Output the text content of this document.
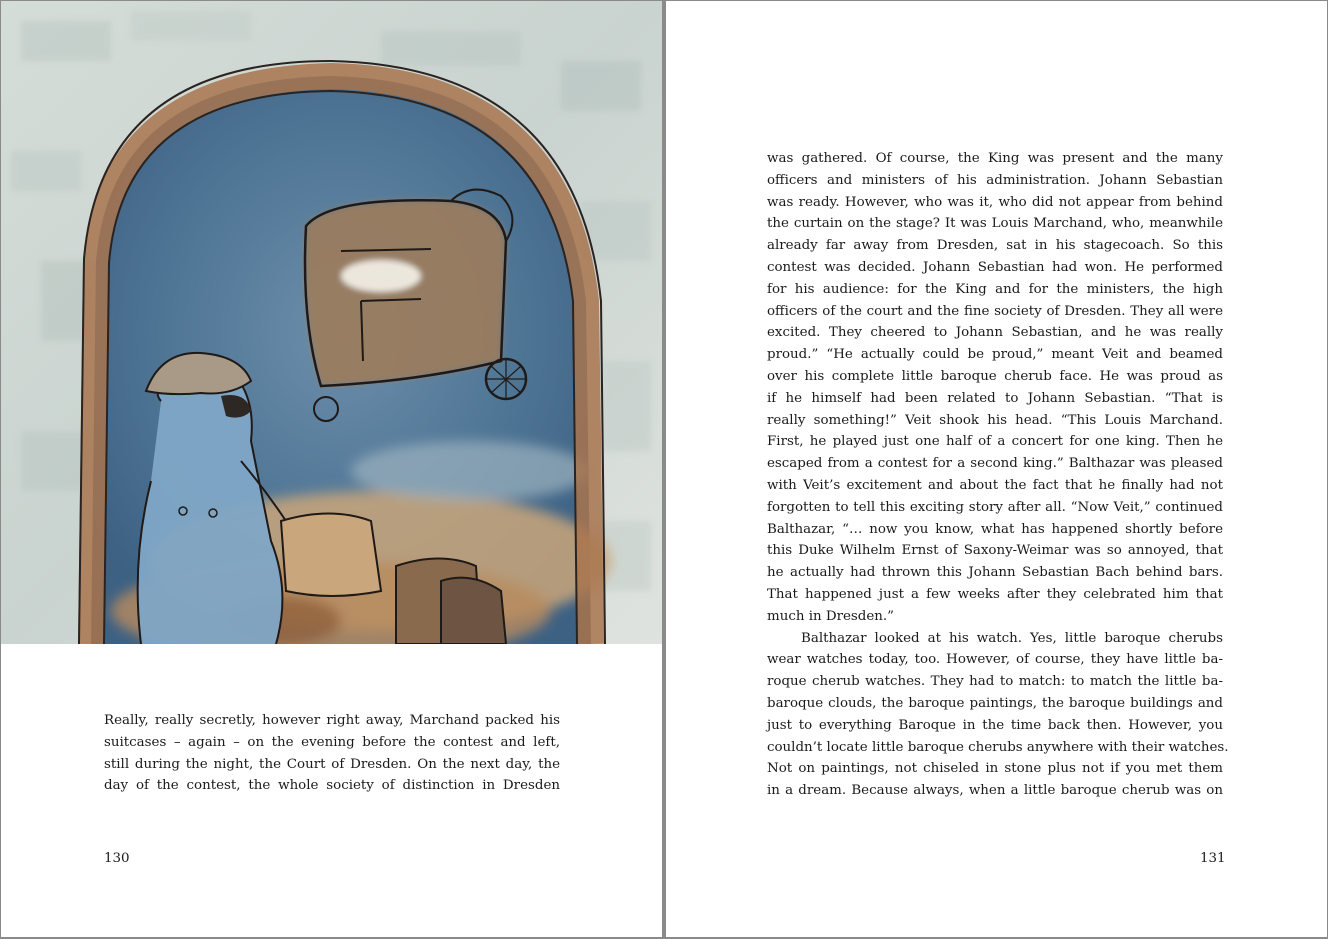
Really, really secretly, however right away, Marchand packed his
suitcases – again – on the evening before the contest and left,
still during the night, the Court of Dresden. On the next day, the
day of the contest, the whole society of distinction in Dresden
130
was gathered. Of course, the King was present and the many
officers and ministers of his administration. Johann Sebastian
was ready. However, who was it, who did not appear from behind
the curtain on the stage? It was Louis Marchand, who, meanwhile
already far away from Dresden, sat in his stagecoach. So this
contest was decided. Johann Sebastian had won. He performed
for his audience: for the King and for the ministers, the high
officers of the court and the fine society of Dresden. They all were
excited. They cheered to Johann Sebastian, and he was really
proud.” “He actually could be proud,” meant Veit and beamed
over his complete little baroque cherub face. He was proud as
if he himself had been related to Johann Sebastian. “That is
really something!” Veit shook his head. “This Louis Marchand.
First, he played just one half of a concert for one king. Then he
escaped from a contest for a second king.” Balthazar was pleased
with Veit’s excitement and about the fact that he finally had not
forgotten to tell this exciting story after all. “Now Veit,” continued
Balthazar, “… now you know, what has happened shortly before
this Duke Wilhelm Ernst of Saxony-Weimar was so annoyed, that
he actually had thrown this Johann Sebastian Bach behind bars.
That happened just a few weeks after they celebrated him that
much in Dresden.”
Balthazar looked at his watch. Yes, little baroque cherubs
wear watches today, too. However, of course, they have little ba-
roque cherub watches. They had to match: to match the little ba-
baroque clouds, the baroque paintings, the baroque buildings and
just to everything Baroque in the time back then. However, you
couldn’t locate little baroque cherubs anywhere with their watches.
Not on paintings, not chiseled in stone plus not if you met them
in a dream. Because always, when a little baroque cherub was on
131
